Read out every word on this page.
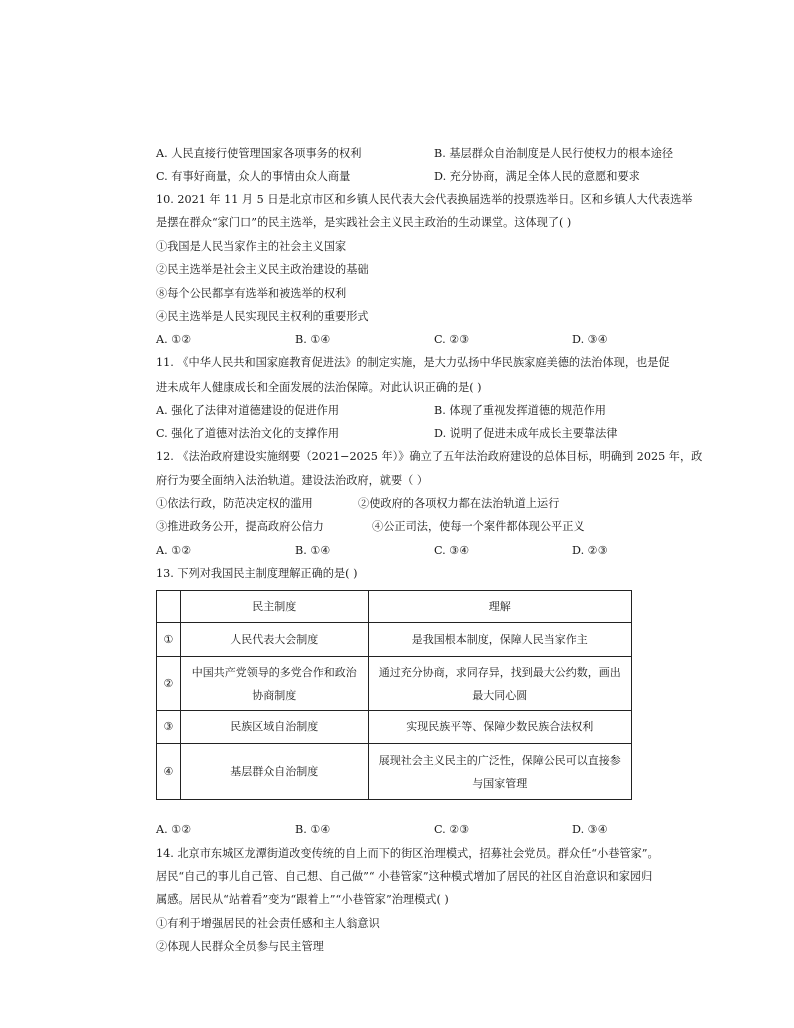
A. 人民直接行使管理国家各项事务的权利	B. 基层群众自治制度是人民行使权力的根本途径
C. 有事好商量，众人的事情由众人商量	D. 充分协商，满足全体人民的意愿和要求
10. 2021 年 11 月 5 日是北京市区和乡镇人民代表大会代表换届选举的投票选举日。区和乡镇人大代表选举
是摆在群众“家门口”的民主选举，是实践社会主义民主政治的生动课堂。这体现了( )
①我国是人民当家作主的社会主义国家
②民主选举是社会主义民主政治建设的基础
⑧每个公民都享有选举和被选举的权利
④民主选举是人民实现民主权利的重要形式
A. ①②	B. ①④	C. ②③	D. ③④
11. 《中华人民共和国家庭教育促进法》的制定实施，是大力弘扬中华民族家庭美德的法治体现，也是促
进未成年人健康成长和全面发展的法治保障。对此认识正确的是( )
A. 强化了法律对道德建设的促进作用	B. 体现了重视发挥道德的规范作用
C. 强化了道德对法治文化的支撑作用	D. 说明了促进未成年成长主要靠法律
12. 《法治政府建设实施纲要（2021−2025 年）》确立了五年法治政府建设的总体目标，明确到 2025 年，政
府行为要全面纳入法治轨道。建设法治政府，就要（ ）
①依法行政，防范决定权的滥用	②使政府的各项权力都在法治轨道上运行
③推进政务公开，提高政府公信力	④公正司法，使每一个案件都体现公平正义
A. ①②	B. ①④	C. ③④	D. ②③
13. 下列对我国民主制度理解正确的是( )
	民主制度	理解
①	人民代表大会制度	是我国根本制度，保障人民当家作主
②	中国共产党领导的多党合作和政治协商制度	通过充分协商，求同存异，找到最大公约数，画出最大同心圆
③	民族区域自治制度	实现民族平等、保障少数民族合法权利
④	基层群众自治制度	展现社会主义民主的广泛性，保障公民可以直接参与国家管理
A. ①②	B. ①④	C. ②③	D. ③④
14. 北京市东城区龙潭街道改变传统的自上而下的街区治理模式，招募社会党员。群众任“小巷管家”。
居民“自己的事儿自己管、自己想、自己做”“ 小巷管家”这种模式增加了居民的社区自治意识和家园归
属感。居民从“站着看”变为“跟着上”“小巷管家”治理模式( )
①有利于增强居民的社会责任感和主人翁意识
②体现人民群众全员参与民主管理
